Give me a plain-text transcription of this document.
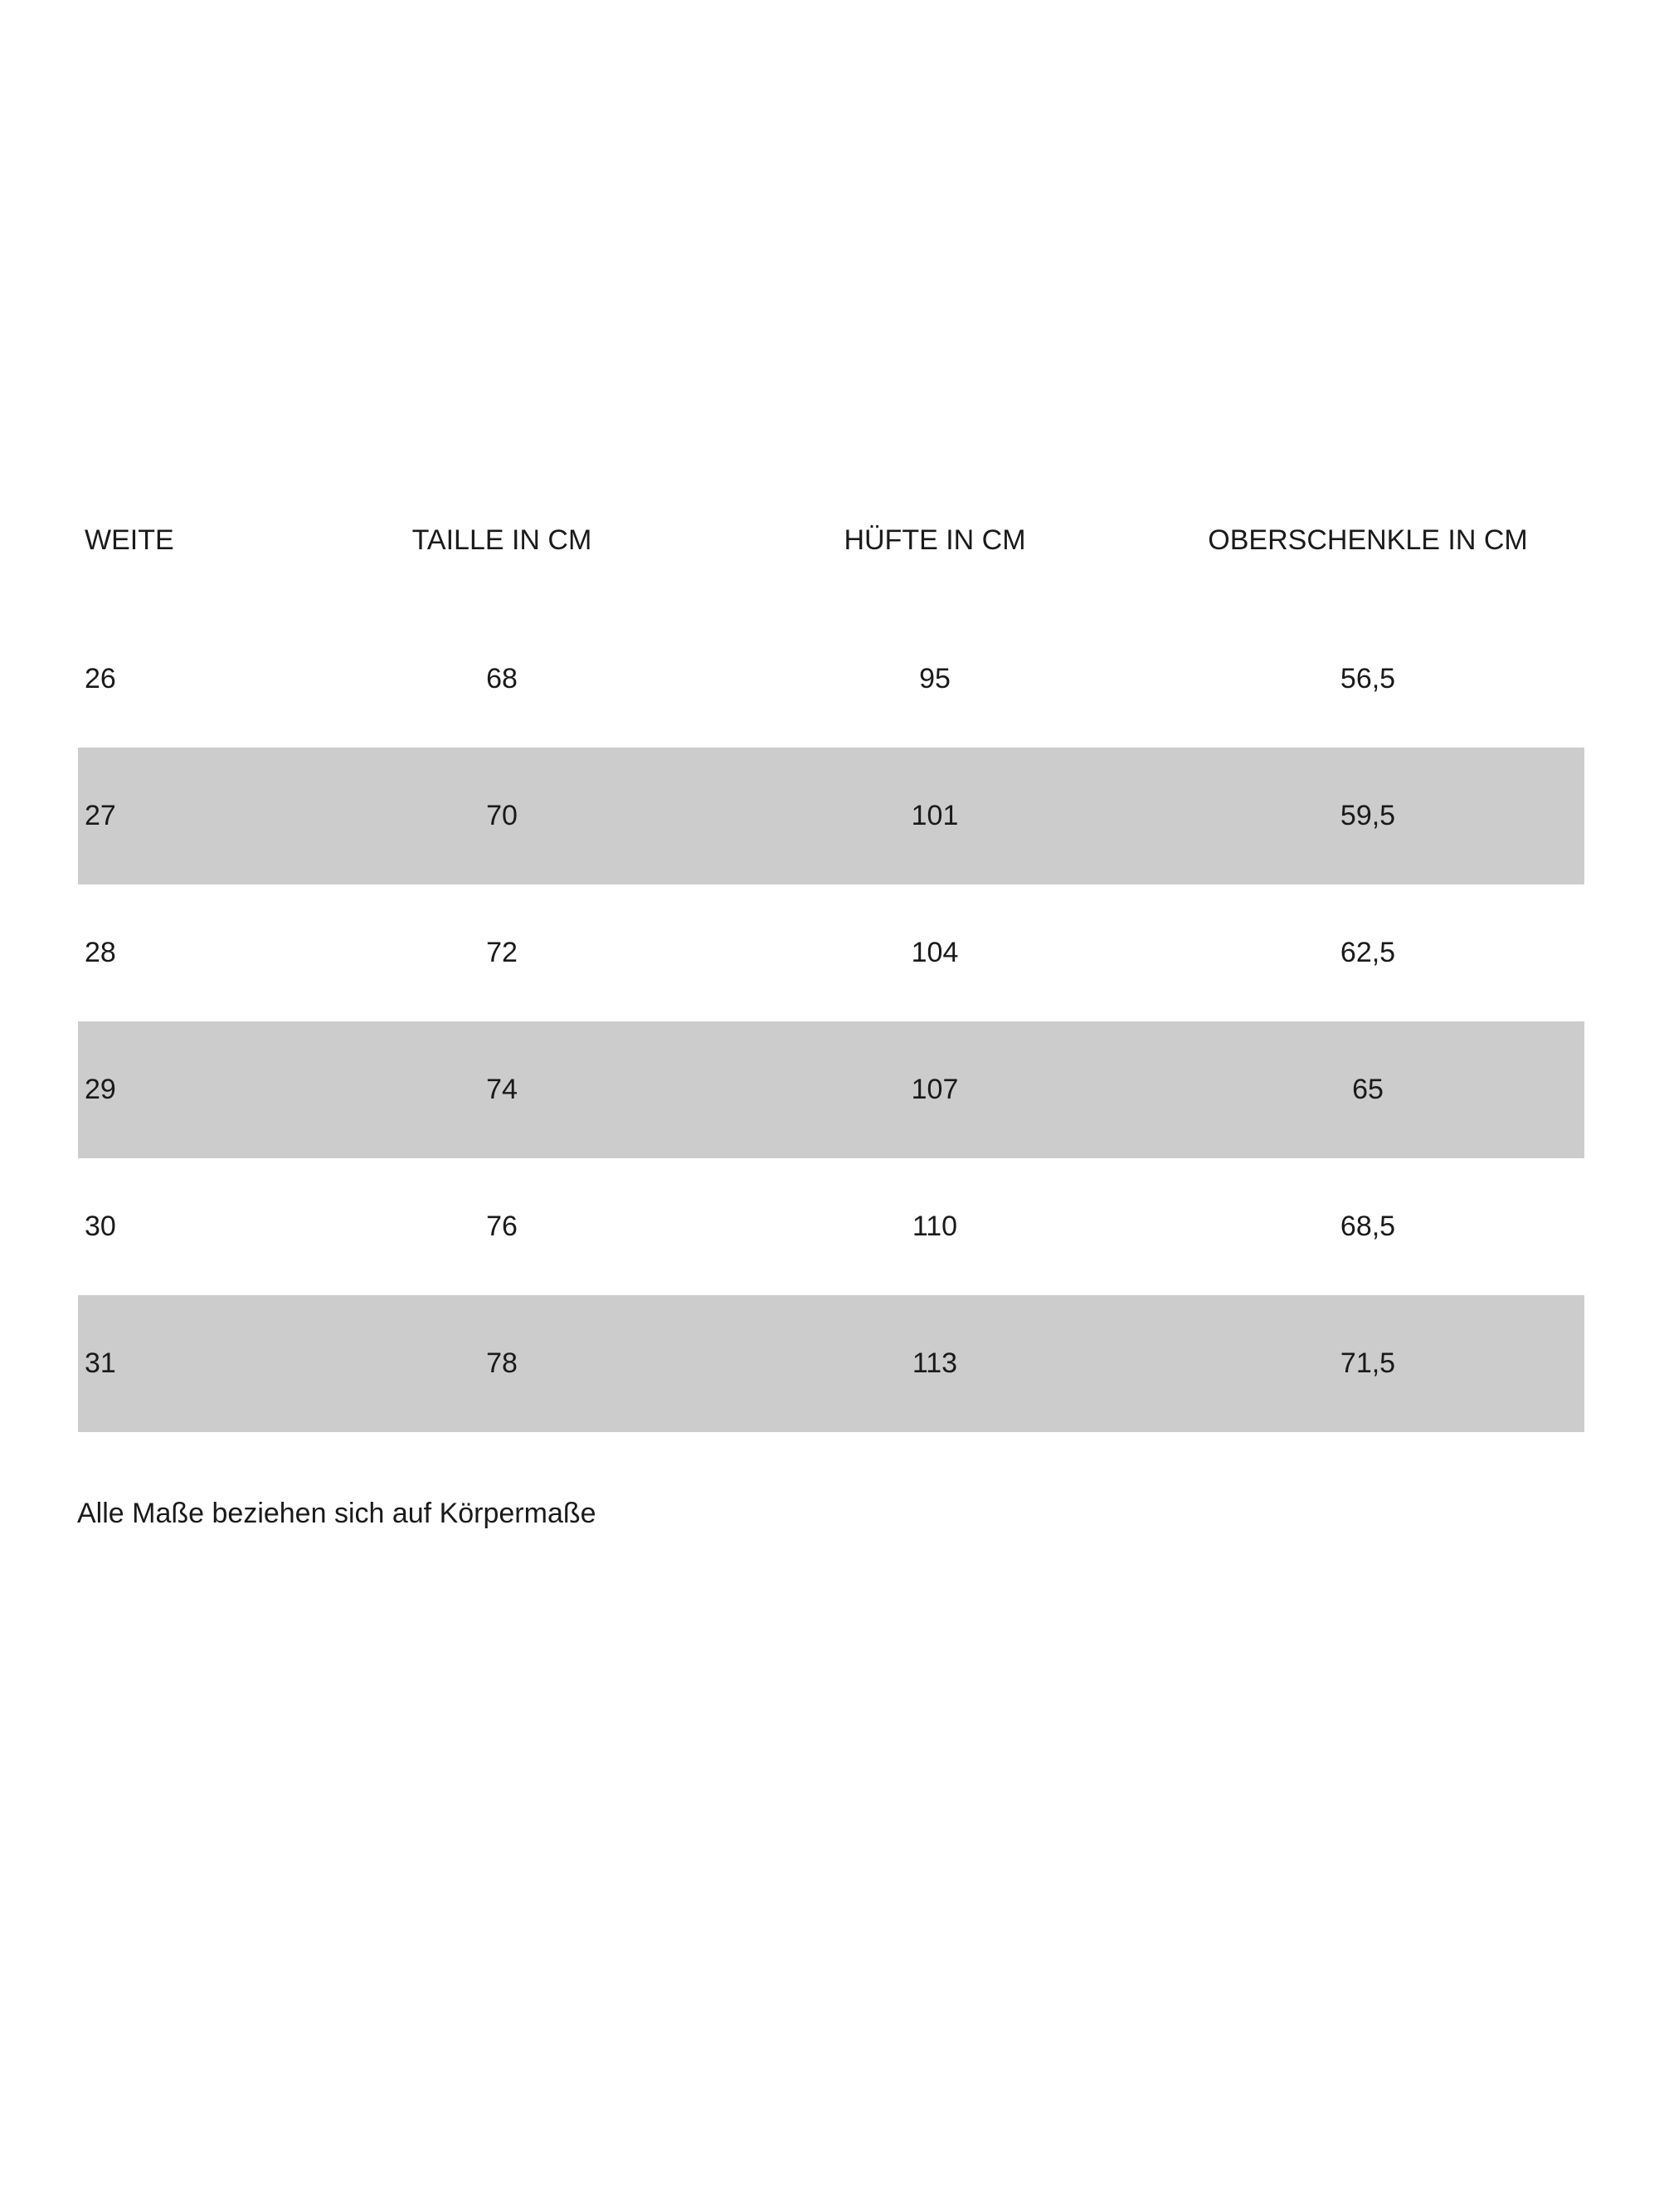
WEITE	TAILLE IN CM	HÜFTE IN CM	OBERSCHENKLE IN CM
26	68	95	56,5
27	70	101	59,5
28	72	104	62,5
29	74	107	65
30	76	110	68,5
31	78	113	71,5
Alle Maße beziehen sich auf Körpermaße
